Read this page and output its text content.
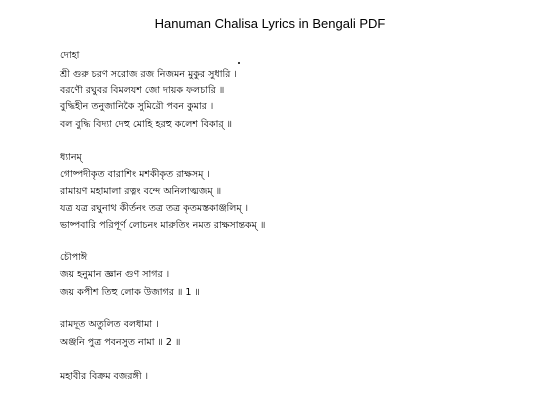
Hanuman Chalisa Lyrics in Bengali PDF
দোহা
শ্রী গুরু চরণ সরোজ রজ নিজমন মুকুর সুধারি ।
বরণৌ রঘুবর বিমলযশ জো দায়ক ফলচারি ॥
বুদ্ধিহীন তনুজানিকৈ সুমিরৌ পবন কুমার ।
বল বুদ্ধি বিদ্যা দেহু মোহি হরহু কলেশ বিকার্ ॥
ধ্যানম্
গোষ্পদীকৃত বারাশিং মশকীকৃত রাক্ষসম্ ।
রামায়ণ মহামালা রত্নং বন্দে অনিলাত্মজম্ ॥
যত্র যত্র রঘুনাথ কীর্তনং তত্র তত্র কৃতমস্তকাঞ্জলিম্ ।
ভাষ্পবারি পরিপূর্ণ লোচনং মারুতিং নমত রাক্ষসান্তকম্ ॥
চৌপাঈ
জয় হনুমান জ্ঞান গুণ সাগর ।
জয় কপীশ তিহু লোক উজাগর ॥ 1 ॥
রামদূত অতুলিত বলধামা ।
অঞ্জনি পুত্র পবনসুত নামা ॥ 2 ॥
মহাবীর বিক্রম বজরঙ্গী ।
